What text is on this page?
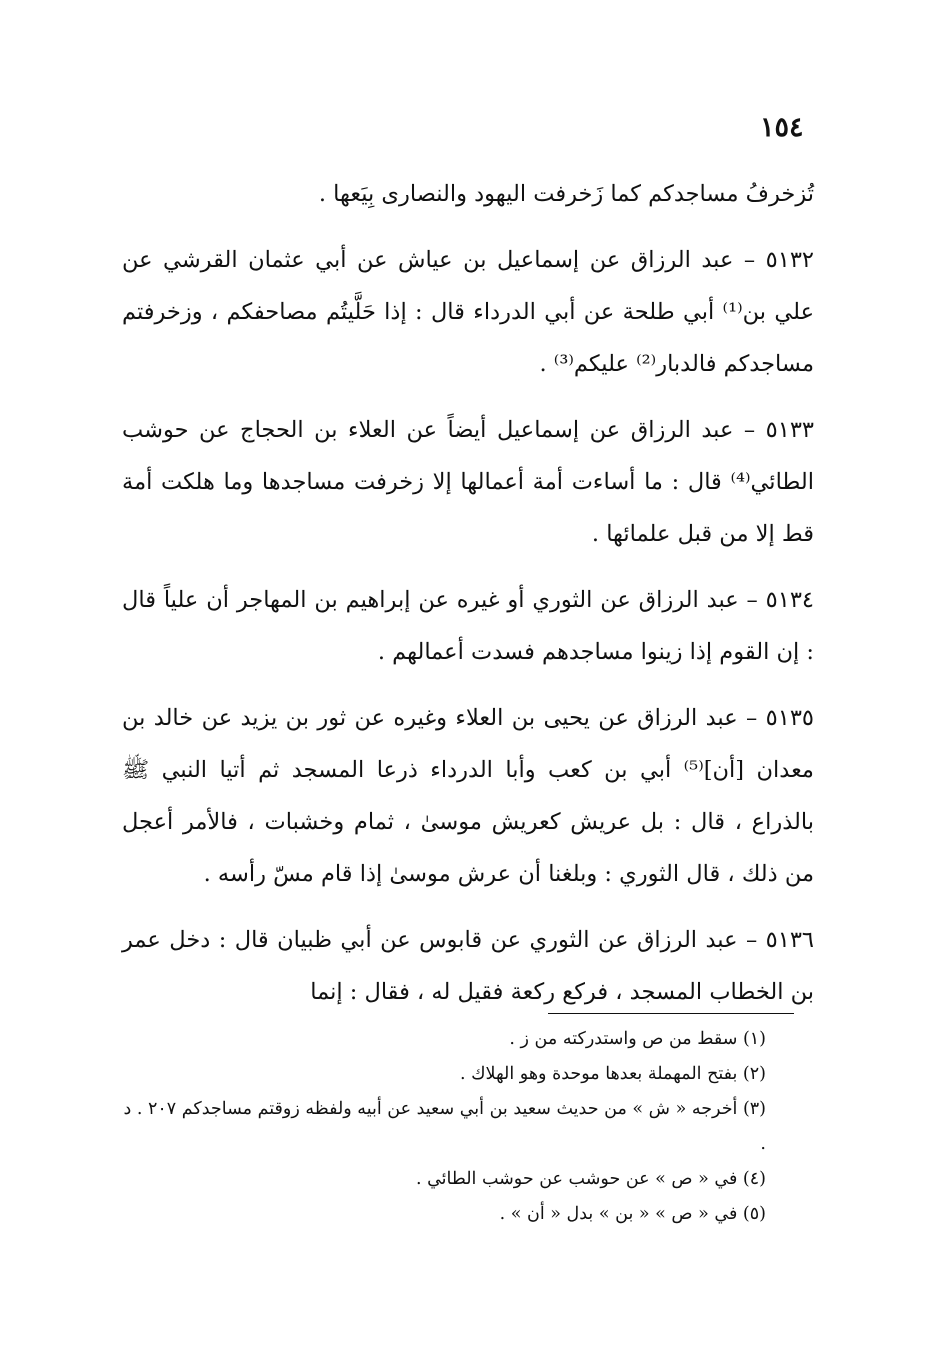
١٥٤

تُزخرفُ مساجدكم كما زَخرفت اليهود والنصارى بِيَعها .

٥١٣٢ – عبد الرزاق عن إسماعيل بن عياش عن أبي عثمان القرشي عن علي بن⁽¹⁾ أبي طلحة عن أبي الدرداء قال : إذا حَلَّيتُم مصاحفكم ، وزخرفتم مساجدكم فالدبار⁽²⁾ عليكم⁽³⁾ .

٥١٣٣ – عبد الرزاق عن إسماعيل أيضاً عن العلاء بن الحجاج عن حوشب الطائي⁽⁴⁾ قال : ما أساءت أمة أعمالها إلا زخرفت مساجدها وما هلكت أمة قط إلا من قبل علمائها .

٥١٣٤ – عبد الرزاق عن الثوري أو غيره عن إبراهيم بن المهاجر أن علياً قال : إن القوم إذا زينوا مساجدهم فسدت أعمالهم .

٥١٣٥ – عبد الرزاق عن يحيى بن العلاء وغيره عن ثور بن يزيد عن خالد بن معدان [أن]⁽⁵⁾ أبي بن كعب وأبا الدرداء ذرعا المسجد ثم أتيا النبي ﷺ بالذراع ، قال : بل عريش كعريش موسىٰ ، ثمام وخشبات ، فالأمر أعجل من ذلك ، قال الثوري : وبلغنا أن عرش موسىٰ إذا قام مسّ رأسه .

٥١٣٦ – عبد الرزاق عن الثوري عن قابوس عن أبي ظبيان قال : دخل عمر بن الخطاب المسجد ، فركع ركعة فقيل له ، فقال : إنما

(١) سقط من ص واستدركته من ز .

(٢) بفتح المهملة بعدها موحدة وهو الهلاك .

(٣) أخرجه « ش » من حديث سعيد بن أبي سعيد عن أبيه ولفظه زوقتم مساجدكم ٢٠٧ . د .

(٤) في « ص » عن حوشب عن حوشب الطائي .

(٥) في « ص » « بن » بدل « أن » .
